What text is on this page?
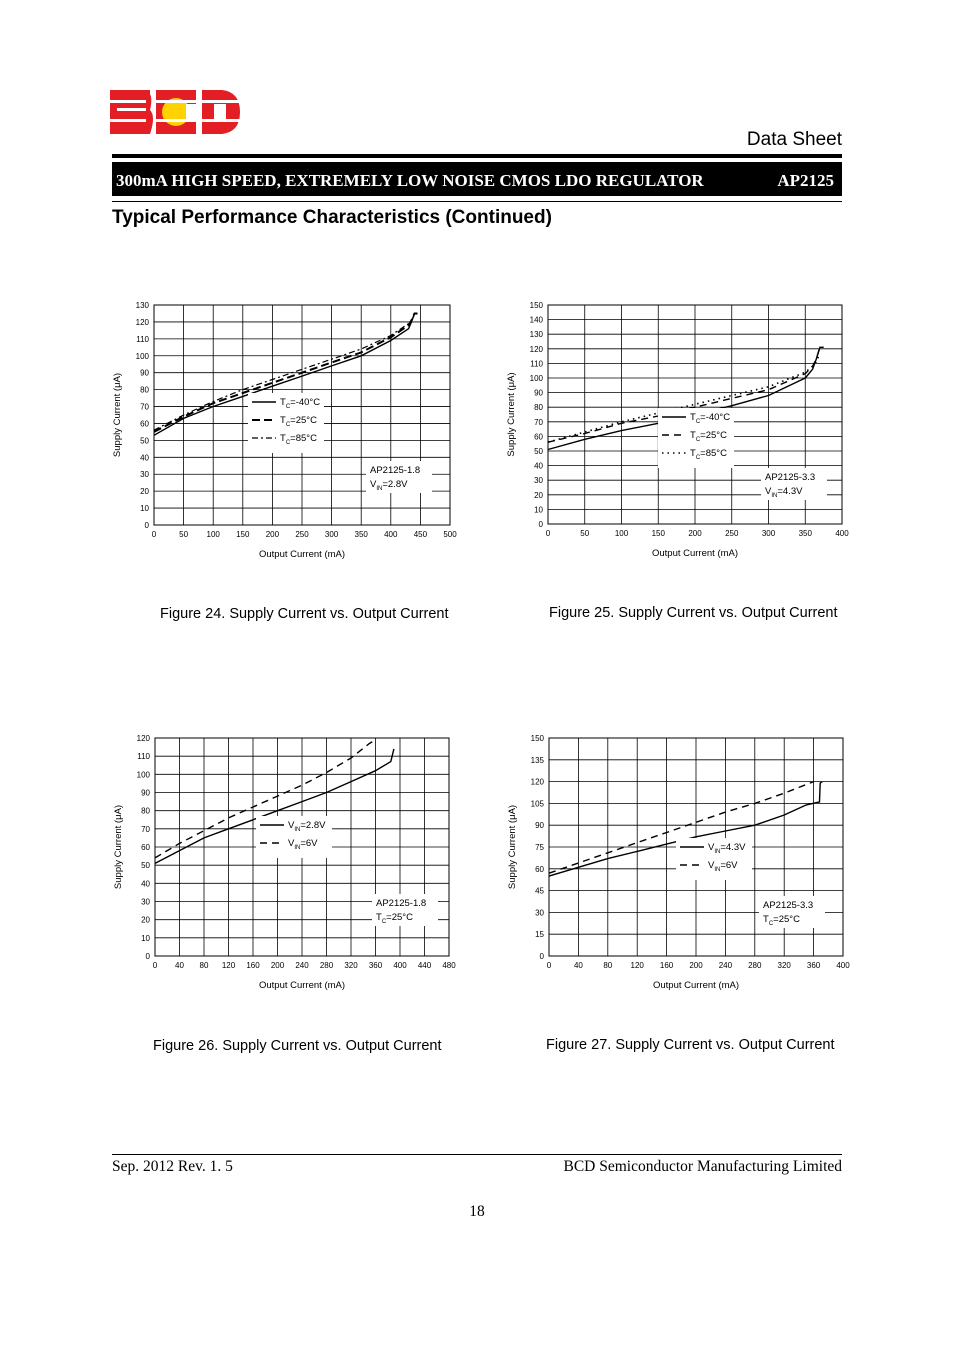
BCD
Data Sheet
300mA HIGH SPEED, EXTREMELY LOW NOISE CMOS LDO REGULATOR	AP2125
Typical Performance Characteristics (Continued)
0	50 100 150 200 250 300 350 400 450 500
0
10
20
30
40
50
60
70
80
90
100
110
120
130
Output Current (mA)
Supply Current (μA)	$T_C=-40^\circ C$
$T_C=25^\circ C$
$T_C=85^\circ C$
AP2125-1.8
$V_{IN}=2.8V$
0	50	100	150	200	250	300	350	400
0
10
20
30
40
50
60
70
80
90
100
110
120
130
140
150
Output Current (mA)
Supply Current (μA)	$T_C=-40^\circ C$
$T_C=25^\circ C$
$T_C=85^\circ C$
AP2125-3.3
$V_{IN}=4.3V$
0 40 80 120 160 200 240 280 320 360 400 440 480
0
10
20
30
40
50
60
70
80
90
100
110
120
Output Current (mA)
Supply Current (μA)	$V_{IN}=2.8V$
$V_{IN}=6V$
AP2125-1.8
$T_C=25^\circ C$
0	40	80 120 160 200 240 280 320 360 400
0
15
30
45
60
75
90
105
120
135
150
Output Current (mA)
Supply Current (μA)	$V_{IN}=4.3V$
$V_{IN}=6V$
AP2125-3.3
$T_C=25^\circ C$
Figure 24. Supply Current vs. Output Current	Figure 25. Supply Current vs. Output Current
Figure 26. Supply Current vs. Output Current	Figure 27. Supply Current vs. Output Current
Sep. 2012 Rev. 1. 5	BCD Semiconductor Manufacturing Limited
18
